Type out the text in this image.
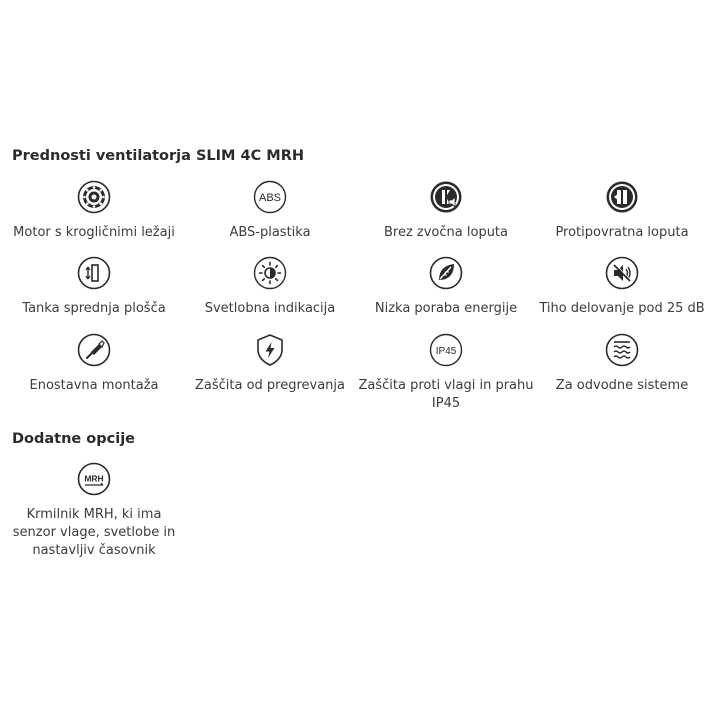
Prednosti ventilatorja SLIM 4C MRH
Motor s krogličnimi ležaji
ABS
ABS-plastika	Brez zvočna loputa	Protipovratna loputa
Tanka sprednja plošča	Svetlobna indikacija	Nizka poraba energije	Tiho delovanje pod 25 dB
Enostavna montaža	Zaščita od pregrevanja
IP45
Zaščita proti vlagi in prahu IP45
Za odvodne sisteme
Dodatne opcije
MRH
Krmilnik MRH, ki ima senzor vlage, svetlobe in nastavljiv časovnik
